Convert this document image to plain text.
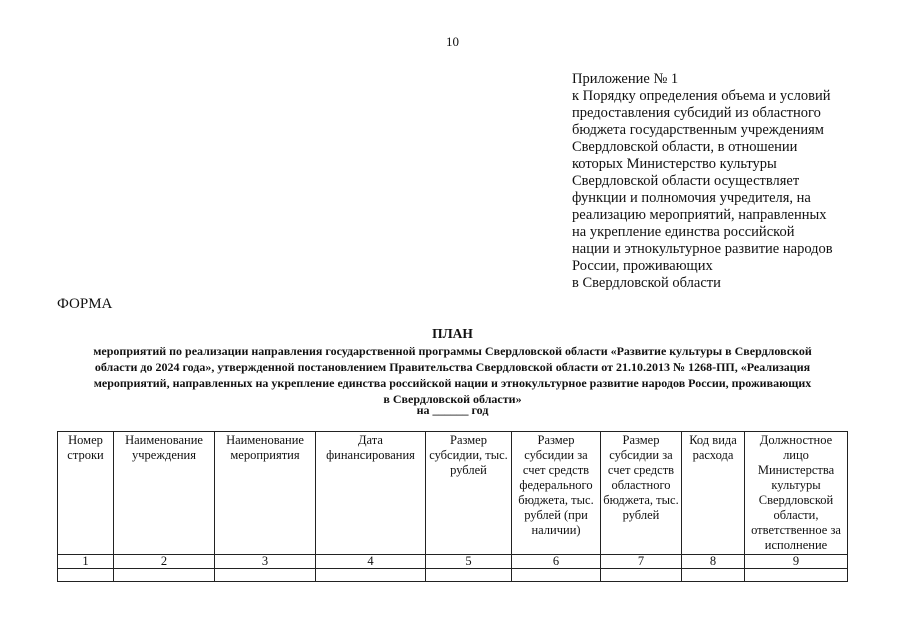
10
Приложение № 1
к Порядку определения объема и условий
предоставления субсидий из областного
бюджета государственным учреждениям
Свердловской области, в отношении
которых Министерство культуры
Свердловской области осуществляет
функции и полномочия учредителя, на
реализацию мероприятий, направленных
на укрепление единства российской
нации и этнокультурное развитие народов
России, проживающих
в Свердловской области
ФОРМА
ПЛАН
мероприятий по реализации направления государственной программы Свердловской области «Развитие культуры в Свердловской
области до 2024 года», утвержденной постановлением Правительства Свердловской области от 21.10.2013 № 1268-ПП, «Реализация
мероприятий, направленных на укрепление единства российской нации и этнокультурное развитие народов России, проживающих
в Свердловской области»
на ______ год
Номер строки	Наименование учреждения	Наименование мероприятия	Дата финансирования	Размер субсидии, тыс. рублей	Размер субсидии за счет средств федерального бюджета, тыс. рублей (при наличии)	Размер субсидии за счет средств областного бюджета, тыс. рублей	Код вида расхода	Должностное лицо Министерства культуры Свердловской области, ответственное за исполнение
1	2	3	4	5	6	7	8	9
